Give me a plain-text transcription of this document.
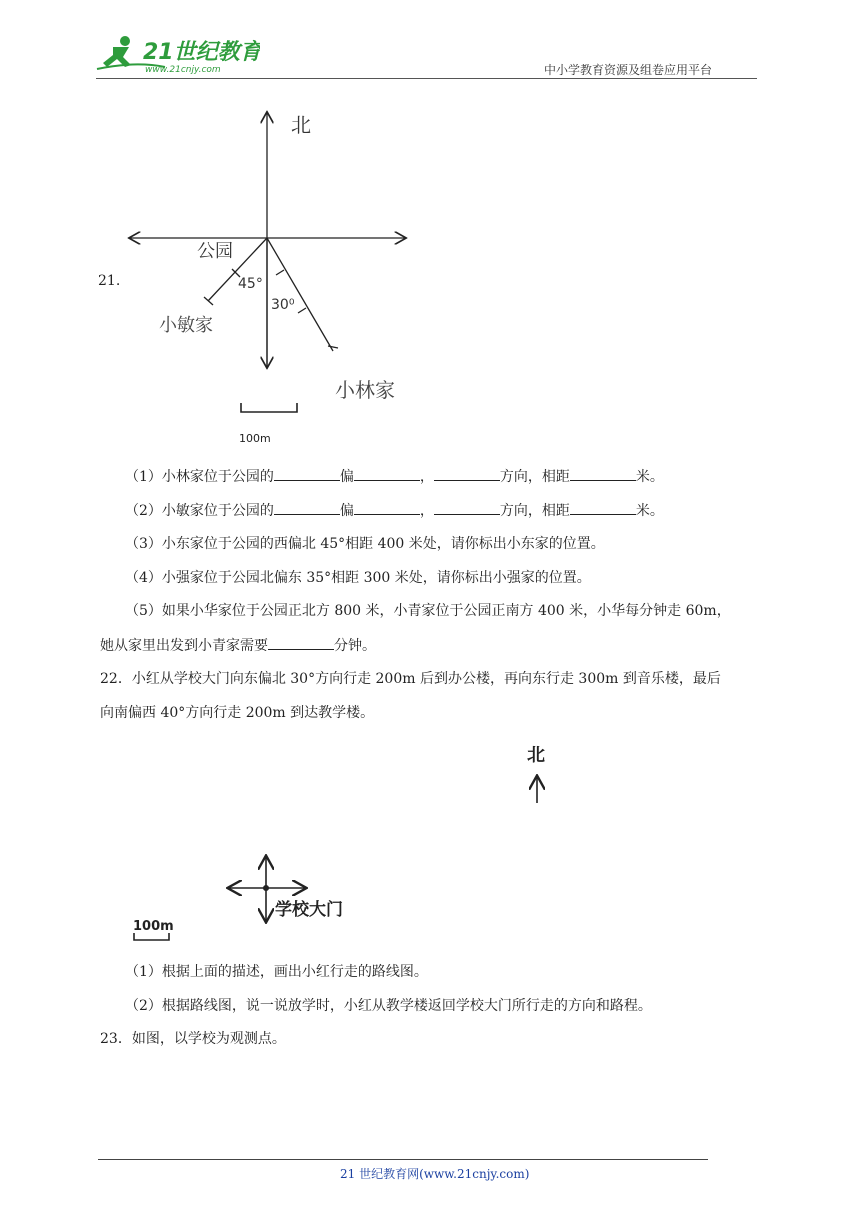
21世纪教育
www.21cnjy.com	中小学教育资源及组卷应用平台
21.
北
公园
45°
30⁰
小敏家
小林家
100m
（1）小林家位于公园的	偏	，	方向，相距	米。
（2）小敏家位于公园的	偏	，	方向，相距	米。
（3）小东家位于公园的西偏北 45°相距 400 米处，请你标出小东家的位置。
（4）小强家位于公园北偏东 35°相距 300 米处，请你标出小强家的位置。
（5）如果小华家位于公园正北方 800 米，小青家位于公园正南方 400 米，小华每分钟走 60m，
她从家里出发到小青家需要	分钟。
22．小红从学校大门向东偏北 30°方向行走 200m 后到办公楼，再向东行走 300m 到音乐楼，最后
向南偏西 40°方向行走 200m 到达教学楼。
北
学校大门
100m
（1）根据上面的描述，画出小红行走的路线图。
（2）根据路线图，说一说放学时，小红从教学楼返回学校大门所行走的方向和路程。
23．如图，以学校为观测点。
21 世纪教育网(www.21cnjy.com)
